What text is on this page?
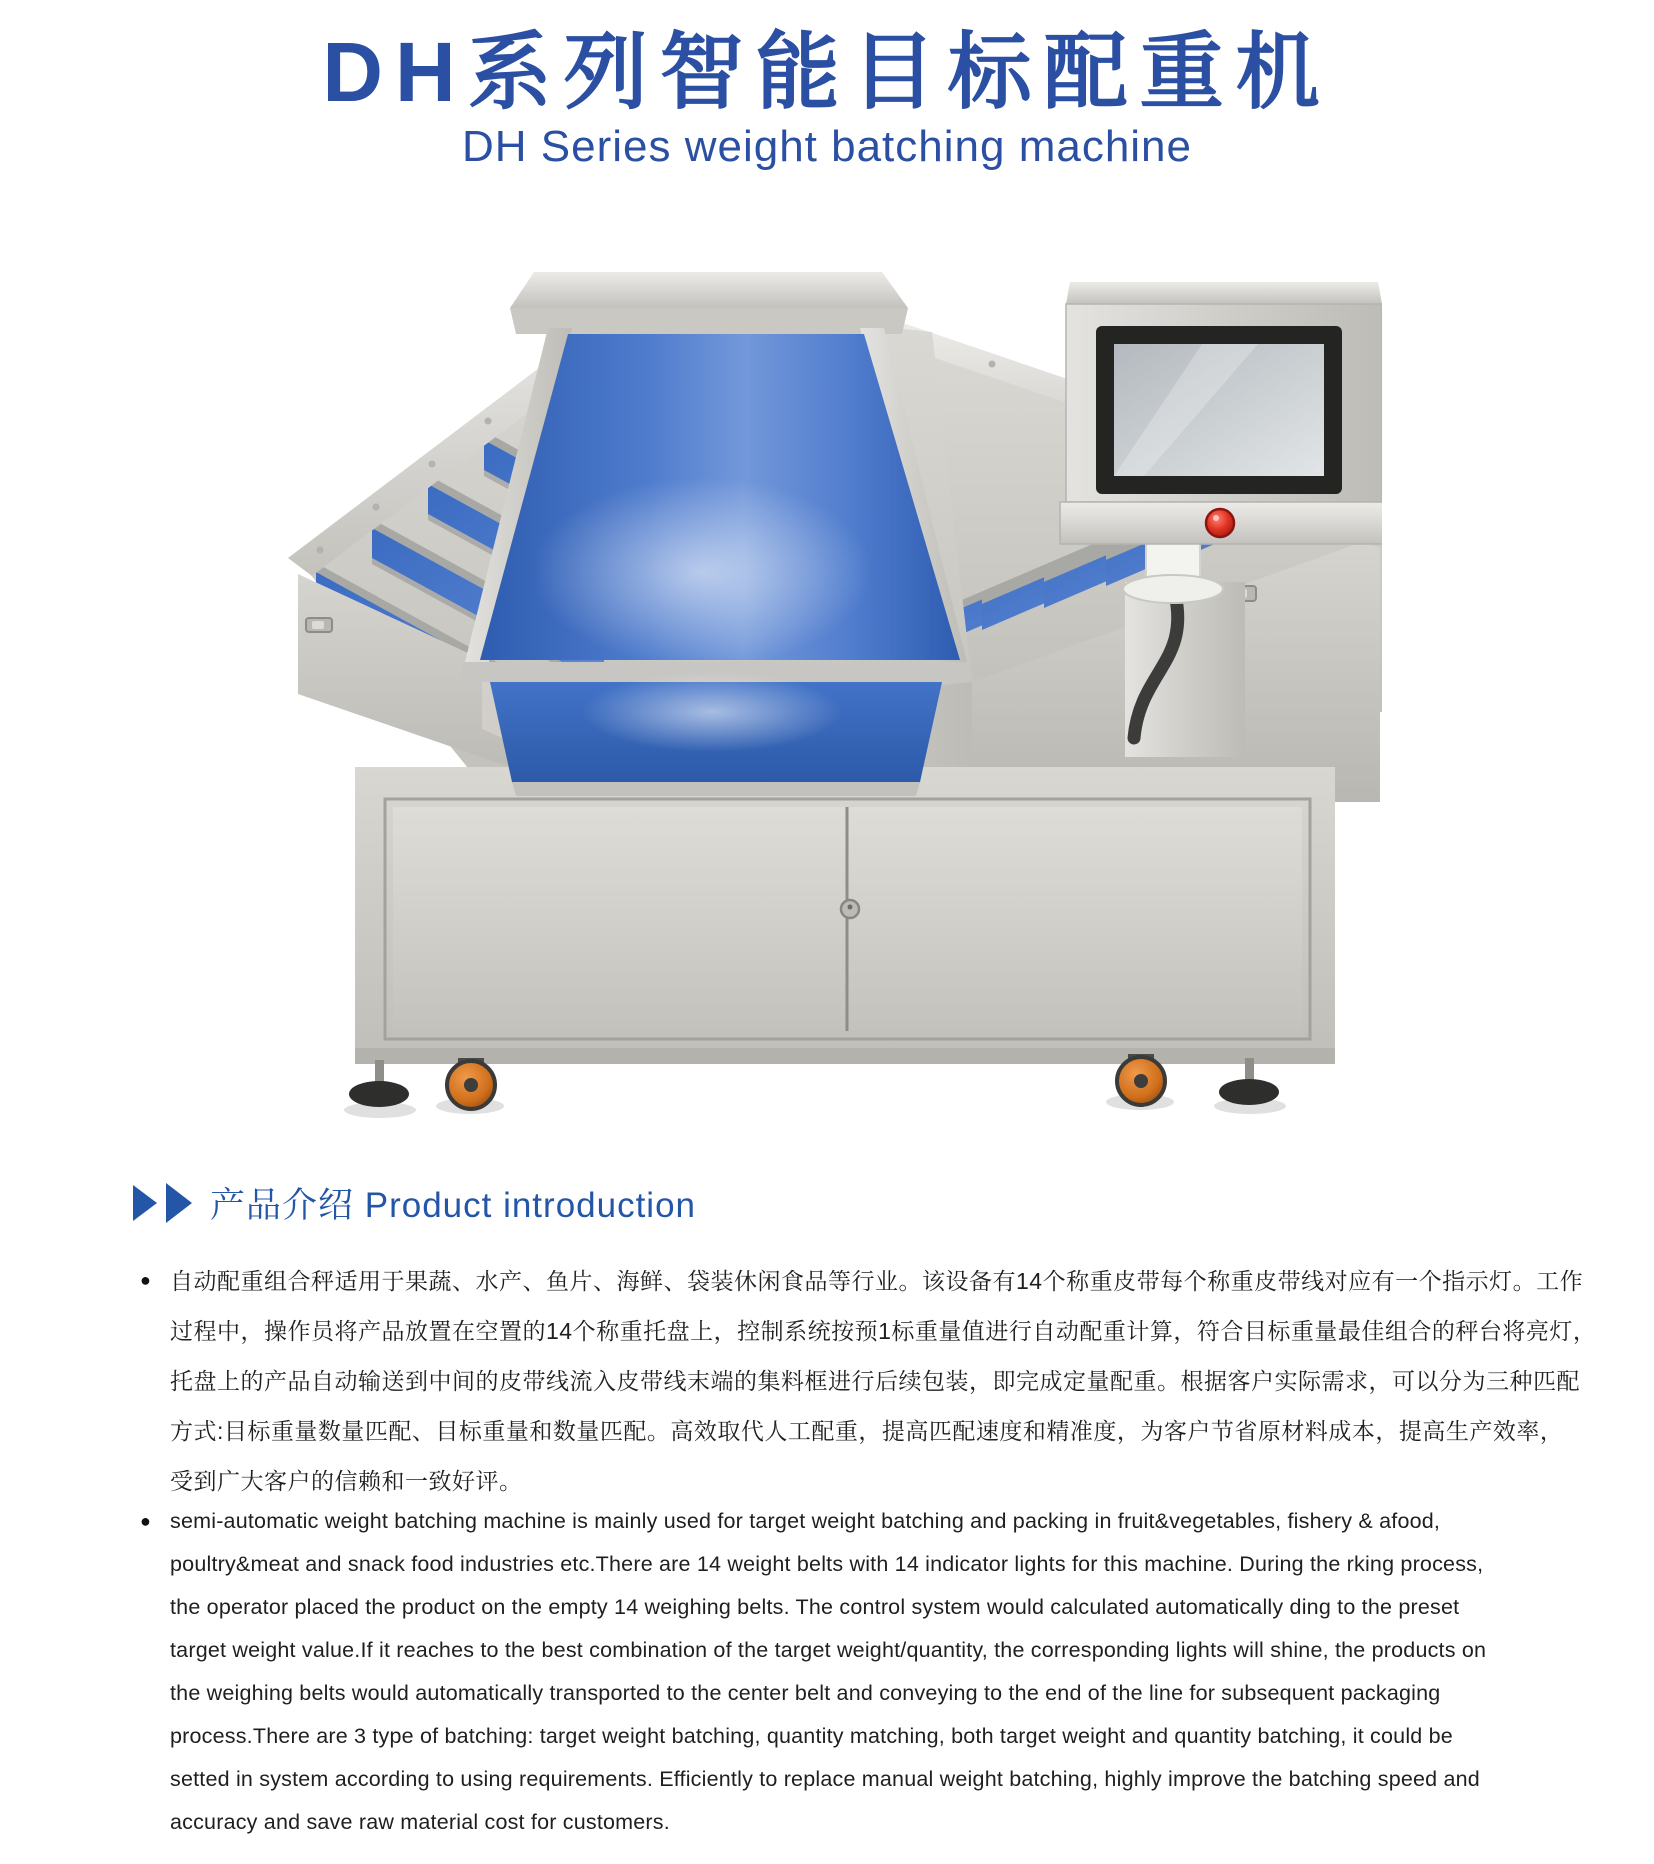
DH系列智能目标配重机
DH Series weight batching machine
产品介绍 Product introduction
● 自动配重组合秤适用于果蔬、水产、鱼片、海鲜、袋装休闲食品等行业。该设备有14个称重皮带每个称重皮带线对应有一个指示灯。工作
过程中，操作员将产品放置在空置的14个称重托盘上，控制系统按预1标重量值进行自动配重计算，符合目标重量最佳组合的秤台将亮灯，
托盘上的产品自动输送到中间的皮带线流入皮带线末端的集料框进行后续包装，即完成定量配重。根据客户实际需求，可以分为三种匹配
方式:目标重量数量匹配、目标重量和数量匹配。高效取代人工配重，提高匹配速度和精准度，为客户节省原材料成本，提高生产效率，
受到广大客户的信赖和一致好评。
● semi-automatic weight batching machine is mainly used for target weight batching and packing in fruit&vegetables, fishery & afood,
poultry&meat and snack food industries etc.There are 14 weight belts with 14 indicator lights for this machine. During the rking process,
the operator placed the product on the empty 14 weighing belts. The control system would calculated automatically ding to the preset
target weight value.If it reaches to the best combination of the target weight/quantity, the corresponding lights will shine, the products on
the weighing belts would automatically transported to the center belt and conveying to the end of the line for subsequent packaging
process.There are 3 type of batching: target weight batching, quantity matching, both target weight and quantity batching, it could be
setted in system according to using requirements. Efficiently to replace manual weight batching, highly improve the batching speed and
accuracy and save raw material cost for customers.
